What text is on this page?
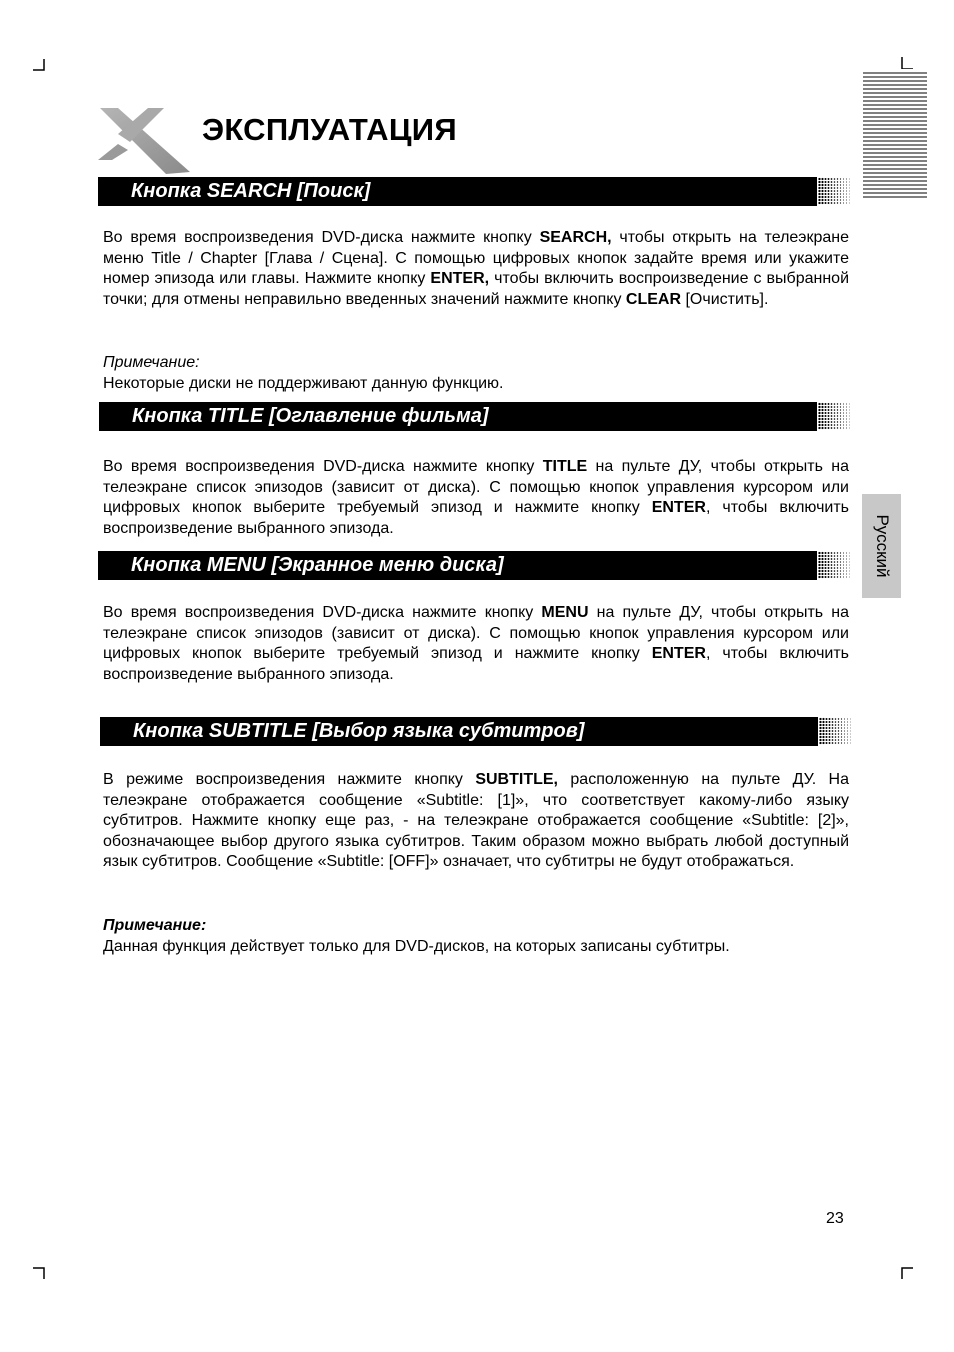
ЭКСПЛУАТАЦИЯ
Русский
Кнопка SEARCH [Поиск]
Во время воспроизведения DVD-диска нажмите кнопку SEARCH, чтобы открыть на телеэкране меню Title / Chapter [Глава / Сцена]. С помощью цифровых кнопок задайте время или укажите номер эпизода или главы. Нажмите кнопку ENTER, чтобы включить воспроизведение с выбранной точки; для отмены неправильно введенных значений нажмите кнопку CLEAR [Очистить].
Примечание:
Некоторые диски не поддерживают данную функцию.
Кнопка TITLE [Оглавление фильма]
Во время воспроизведения DVD-диска нажмите кнопку TITLE на пульте ДУ, чтобы открыть на телеэкране список эпизодов (зависит от диска). С помощью кнопок управления курсором или цифровых кнопок выберите требуемый эпизод и нажмите кнопку ENTER, чтобы включить воспроизведение выбранного эпизода.
Кнопка MENU [Экранное меню диска]
Во время воспроизведения DVD-диска нажмите кнопку MENU на пульте ДУ, чтобы открыть на телеэкране список эпизодов (зависит от диска). С помощью кнопок управления курсором или цифровых кнопок выберите требуемый эпизод и нажмите кнопку ENTER, чтобы включить воспроизведение выбранного эпизода.
Кнопка SUBTITLE [Выбор языка субтитров]
В режиме воспроизведения нажмите кнопку SUBTITLE, расположенную на пульте ДУ. На телеэкране отображается сообщение «Subtitle: [1]», что соответствует какому-либо языку субтитров. Нажмите кнопку еще раз, - на телеэкране отображается сообщение «Subtitle: [2]», обозначающее выбор другого языка субтитров. Таким образом можно выбрать любой доступный язык субтитров. Сообщение «Subtitle: [OFF]» означает, что субтитры не будут отображаться.
Примечание:
Данная функция действует только для DVD-дисков, на которых записаны субтитры.
23
